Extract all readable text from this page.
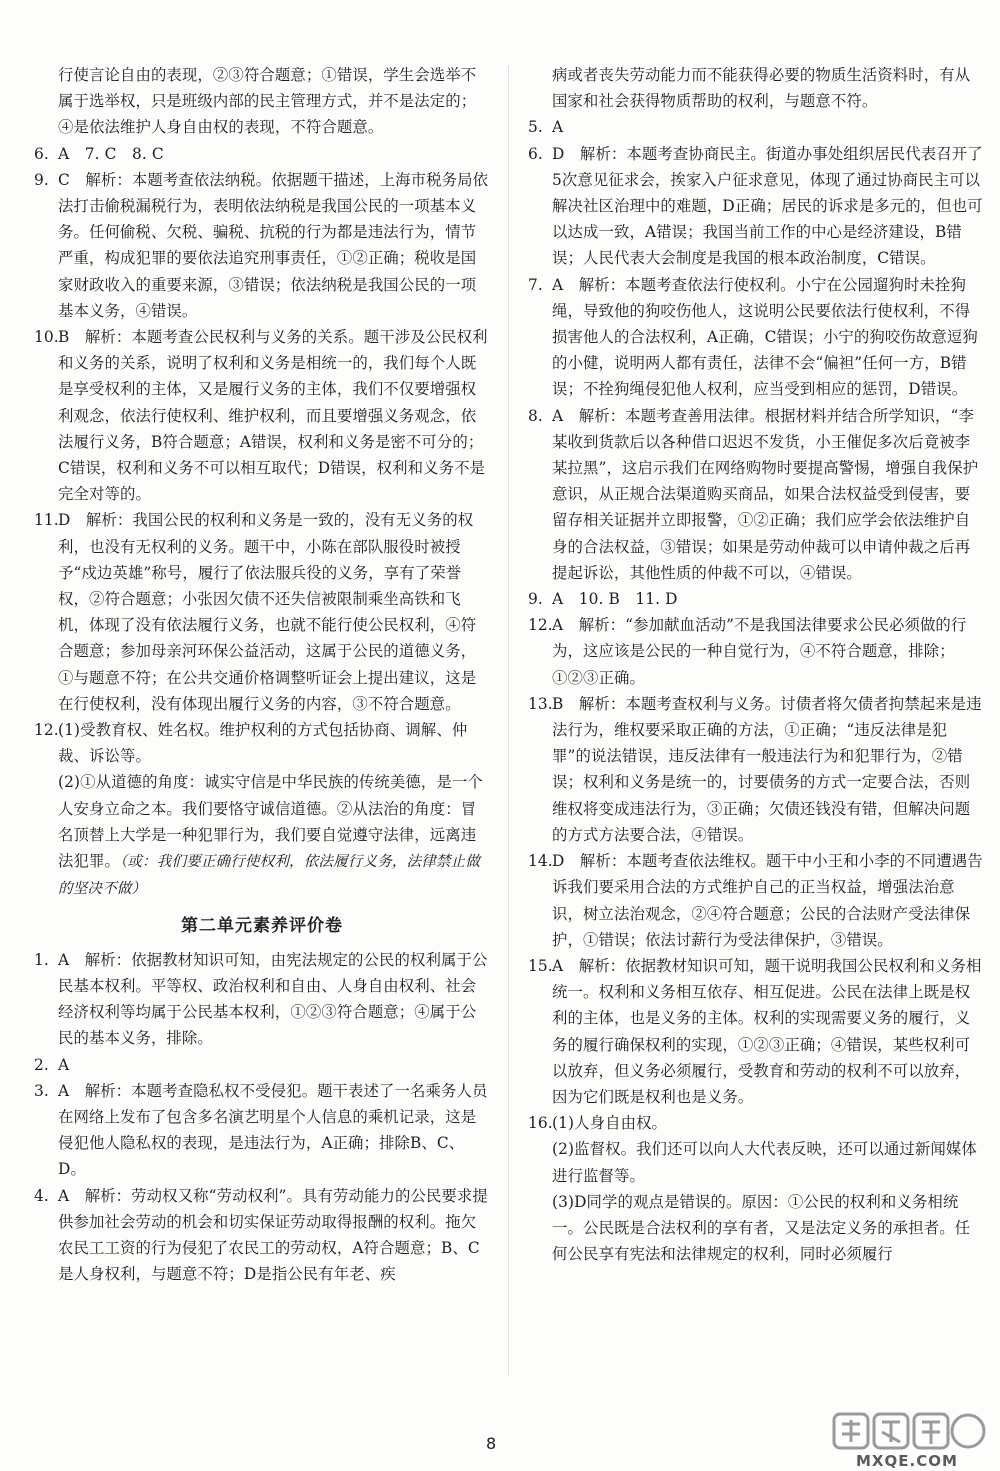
行使言论自由的表现，②③符合题意；①错误，学生会选举不属于选举权，只是班级内部的民主管理方式，并不是法定的；④是依法维护人身自由权的表现，不符合题意。

6. A　7. C　8. C
9. C　解析：本题考查依法纳税。依据题干描述，上海市税务局依法打击偷税漏税行为，表明依法纳税是我国公民的一项基本义务。任何偷税、欠税、骗税、抗税的行为都是违法行为，情节严重，构成犯罪的要依法追究刑事责任，①②正确；税收是国家财政收入的重要来源，③错误；依法纳税是我国公民的一项基本义务，④错误。
10. B　解析：本题考查公民权利与义务的关系。题干涉及公民权利和义务的关系，说明了权利和义务是相统一的，我们每个人既是享受权利的主体，又是履行义务的主体，我们不仅要增强权利观念，依法行使权利、维护权利，而且要增强义务观念，依法履行义务，B符合题意；A错误，权利和义务是密不可分的；C错误，权利和义务不可以相互取代；D错误，权利和义务不是完全对等的。
11. D　解析：我国公民的权利和义务是一致的，没有无义务的权利，也没有无权利的义务。题干中，小陈在部队服役时被授予“戍边英雄”称号，履行了依法服兵役的义务，享有了荣誉权，②符合题意；小张因欠债不还失信被限制乘坐高铁和飞机，体现了没有依法履行义务，也就不能行使公民权利，④符合题意；参加母亲河环保公益活动，这属于公民的道德义务，①与题意不符；在公共交通价格调整听证会上提出建议，这是在行使权利，没有体现出履行义务的内容，③不符合题意。
12. (1)受教育权、姓名权。维护权利的方式包括协商、调解、仲裁、诉讼等。

(2)①从道德的角度：诚实守信是中华民族的传统美德，是一个人安身立命之本。我们要恪守诚信道德。②从法治的角度：冒名顶替上大学是一种犯罪行为，我们要自觉遵守法律，远离违法犯罪。（或：我们要正确行使权利，依法履行义务，法律禁止做的坚决不做）

第二单元素养评价卷
1. A　解析：依据教材知识可知，由宪法规定的公民的权利属于公民基本权利。平等权、政治权利和自由、人身自由权利、社会经济权利等均属于公民基本权利，①②③符合题意；④属于公民的基本义务，排除。
2. A
3. A　解析：本题考查隐私权不受侵犯。题干表述了一名乘务人员在网络上发布了包含多名演艺明星个人信息的乘机记录，这是侵犯他人隐私权的表现，是违法行为，A正确；排除B、C、D。
4. A　解析：劳动权又称“劳动权利”。具有劳动能力的公民要求提供参加社会劳动的机会和切实保证劳动取得报酬的权利。拖欠农民工工资的行为侵犯了农民工的劳动权，A符合题意；B、C是人身权利，与题意不符；D是指公民有年老、疾

病或者丧失劳动能力而不能获得必要的物质生活资料时，有从国家和社会获得物质帮助的权利，与题意不符。

5. A
6. D　解析：本题考查协商民主。街道办事处组织居民代表召开了5次意见征求会，挨家入户征求意见，体现了通过协商民主可以解决社区治理中的难题，D正确；居民的诉求是多元的，但也可以达成一致，A错误；我国当前工作的中心是经济建设，B错误；人民代表大会制度是我国的根本政治制度，C错误。
7. A　解析：本题考查依法行使权利。小宁在公园遛狗时未拴狗绳，导致他的狗咬伤他人，这说明公民要依法行使权利，不得损害他人的合法权利，A正确，C错误；小宁的狗咬伤故意逗狗的小健，说明两人都有责任，法律不会“偏袒”任何一方，B错误；不拴狗绳侵犯他人权利，应当受到相应的惩罚，D错误。
8. A　解析：本题考查善用法律。根据材料并结合所学知识，“李某收到货款后以各种借口迟迟不发货，小王催促多次后竟被李某拉黑”，这启示我们在网络购物时要提高警惕，增强自我保护意识，从正规合法渠道购买商品，如果合法权益受到侵害，要留存相关证据并立即报警，①②正确；我们应学会依法维护自身的合法权益，③错误；如果是劳动仲裁可以申请仲裁之后再提起诉讼，其他性质的仲裁不可以，④错误。
9. A　10. B　11. D
12. A　解析：“参加献血活动”不是我国法律要求公民必须做的行为，这应该是公民的一种自觉行为，④不符合题意，排除；①②③正确。
13. B　解析：本题考查权利与义务。讨债者将欠债者拘禁起来是违法行为，维权要采取正确的方法，①正确；“违反法律是犯罪”的说法错误，违反法律有一般违法行为和犯罪行为，②错误；权利和义务是统一的，讨要债务的方式一定要合法，否则维权将变成违法行为，③正确；欠债还钱没有错，但解决问题的方式方法要合法，④错误。
14. D　解析：本题考查依法维权。题干中小王和小李的不同遭遇告诉我们要采用合法的方式维护自己的正当权益，增强法治意识，树立法治观念，②④符合题意；公民的合法财产受法律保护，①错误；依法讨薪行为受法律保护，③错误。
15. A　解析：依据教材知识可知，题干说明我国公民权利和义务相统一。权利和义务相互依存、相互促进。公民在法律上既是权利的主体，也是义务的主体。权利的实现需要义务的履行，义务的履行确保权利的实现，①②③正确；④错误，某些权利可以放弃，但义务必须履行，受教育和劳动的权利不可以放弃，因为它们既是权利也是义务。
16. (1)人身自由权。

(2)监督权。我们还可以向人大代表反映，还可以通过新闻媒体进行监督等。

(3)D同学的观点是错误的。原因：①公民的权利和义务相统一。公民既是合法权利的享有者，又是法定义务的承担者。任何公民享有宪法和法律规定的权利，同时必须履行

8
MXQE.COM
